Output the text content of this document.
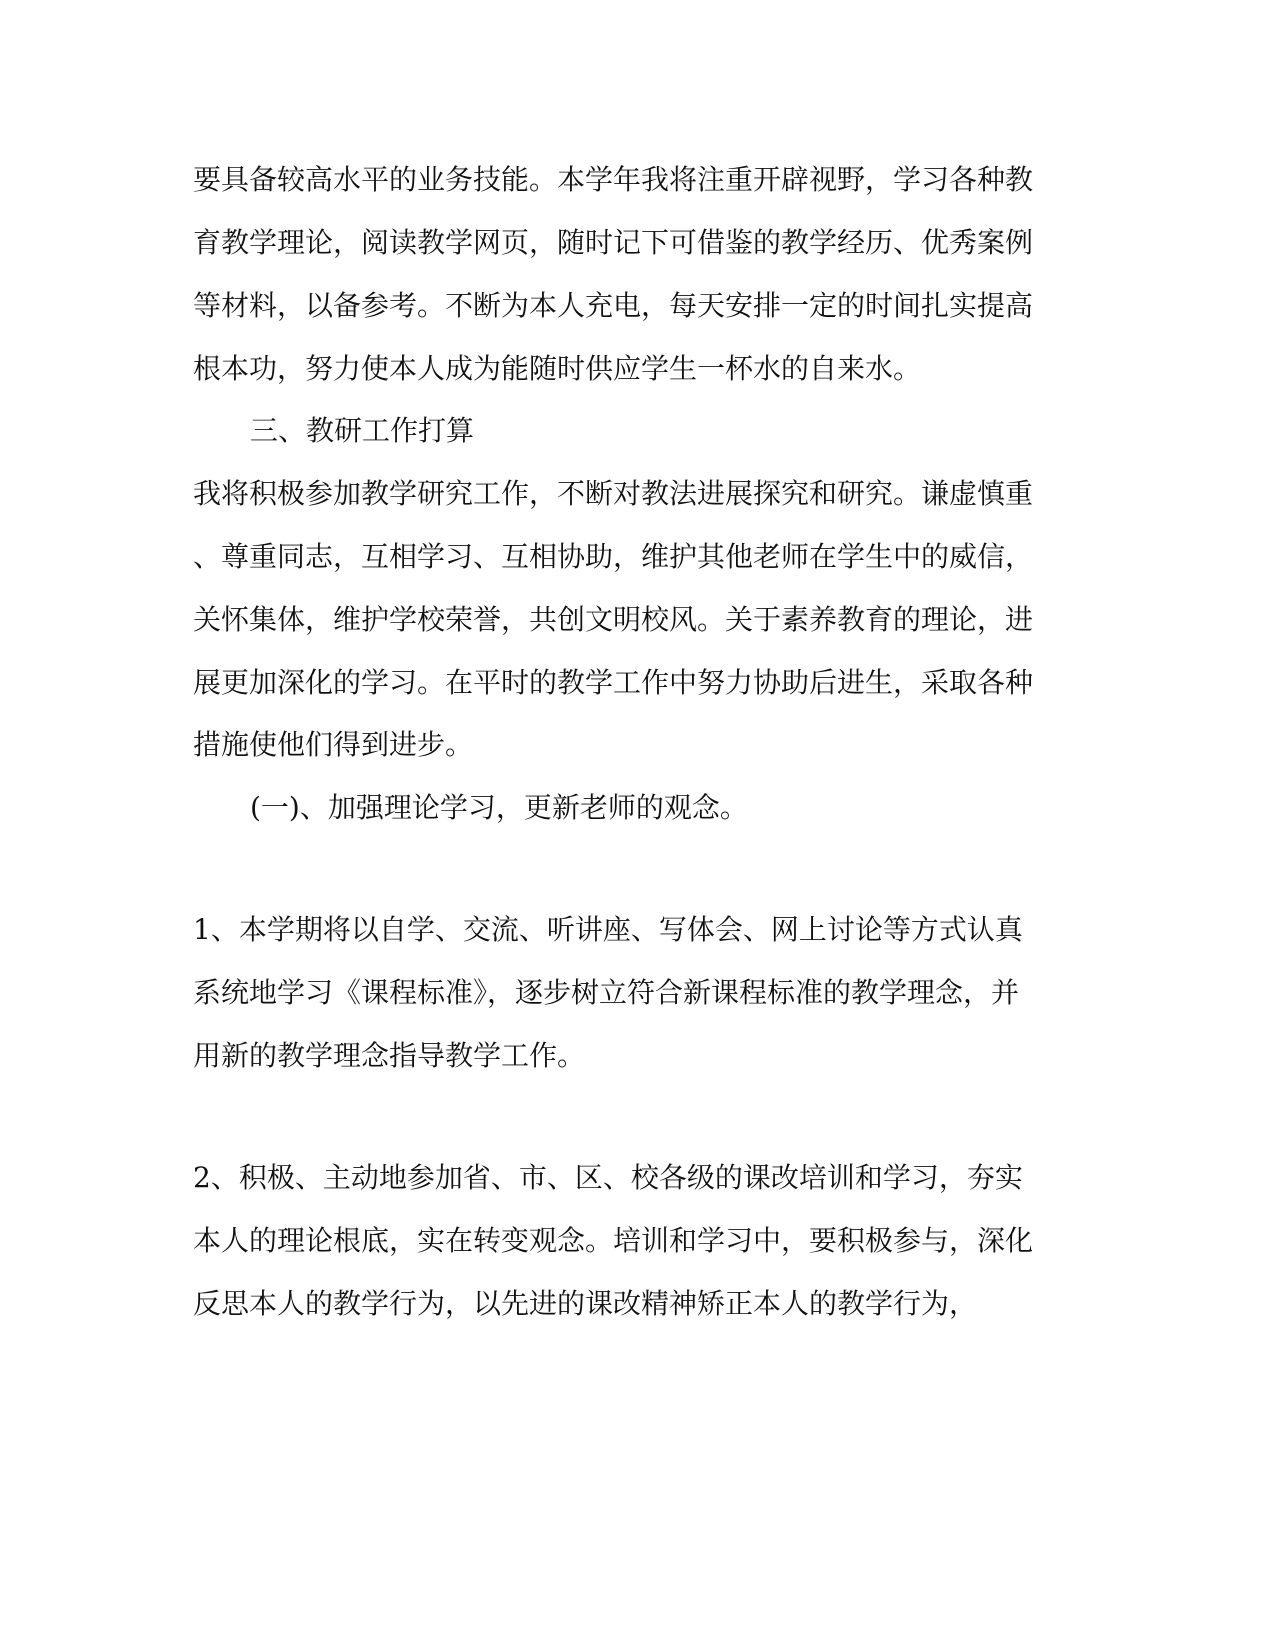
要具备较高水平的业务技能。本学年我将注重开辟视野，学习各种教
育教学理论，阅读教学网页，随时记下可借鉴的教学经历、优秀案例
等材料，以备参考。不断为本人充电，每天安排一定的时间扎实提高
根本功，努力使本人成为能随时供应学生一杯水的自来水。
三、教研工作打算
我将积极参加教学研究工作，不断对教法进展探究和研究。谦虚慎重
、尊重同志，互相学习、互相协助，维护其他老师在学生中的威信，
关怀集体，维护学校荣誉，共创文明校风。关于素养教育的理论，进
展更加深化的学习。在平时的教学工作中努力协助后进生，采取各种
措施使他们得到进步。
(一)、加强理论学习，更新老师的观念。
1、本学期将以自学、交流、听讲座、写体会、网上讨论等方式认真
系统地学习《课程标准》，逐步树立符合新课程标准的教学理念，并
用新的教学理念指导教学工作。
2、积极、主动地参加省、市、区、校各级的课改培训和学习，夯实
本人的理论根底，实在转变观念。培训和学习中，要积极参与，深化
反思本人的教学行为，以先进的课改精神矫正本人的教学行为，
